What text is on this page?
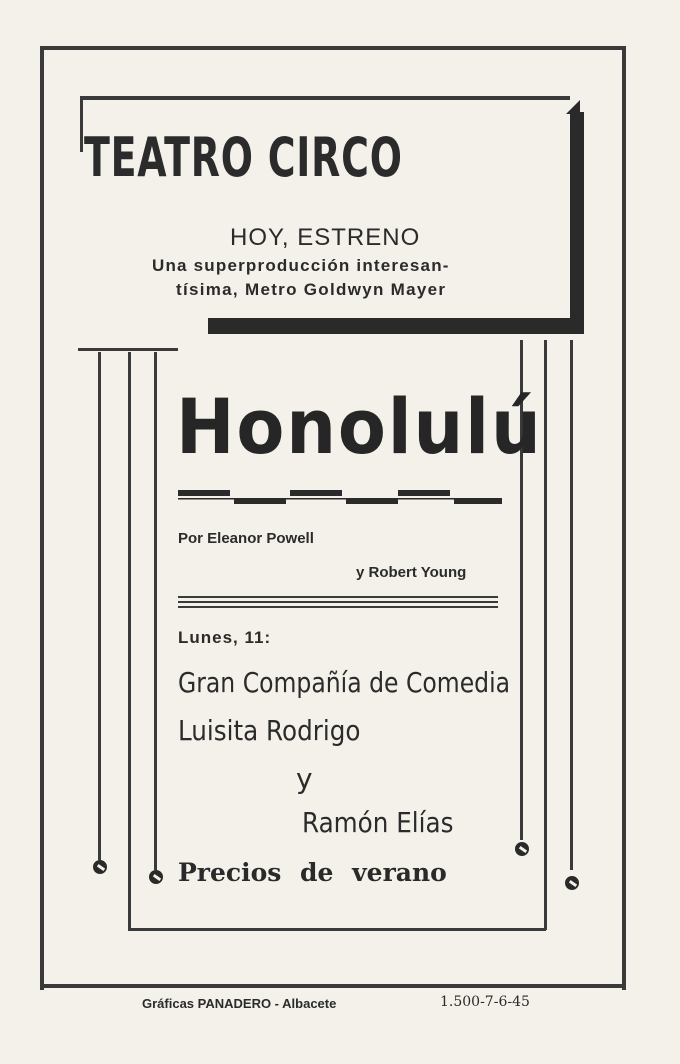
TEATRO CIRCO
HOY, ESTRENO
Una superproducción interesan-
tísima, Metro Goldwyn Mayer
Honolulú
Por Eleanor Powell
y Robert Young
Lunes, 11:
Gran Compañía de Comedia
Luisita Rodrigo
y
Ramón Elías
Precios de verano
Gráficas PANADERO - Albacete	1.500-7-6-45
